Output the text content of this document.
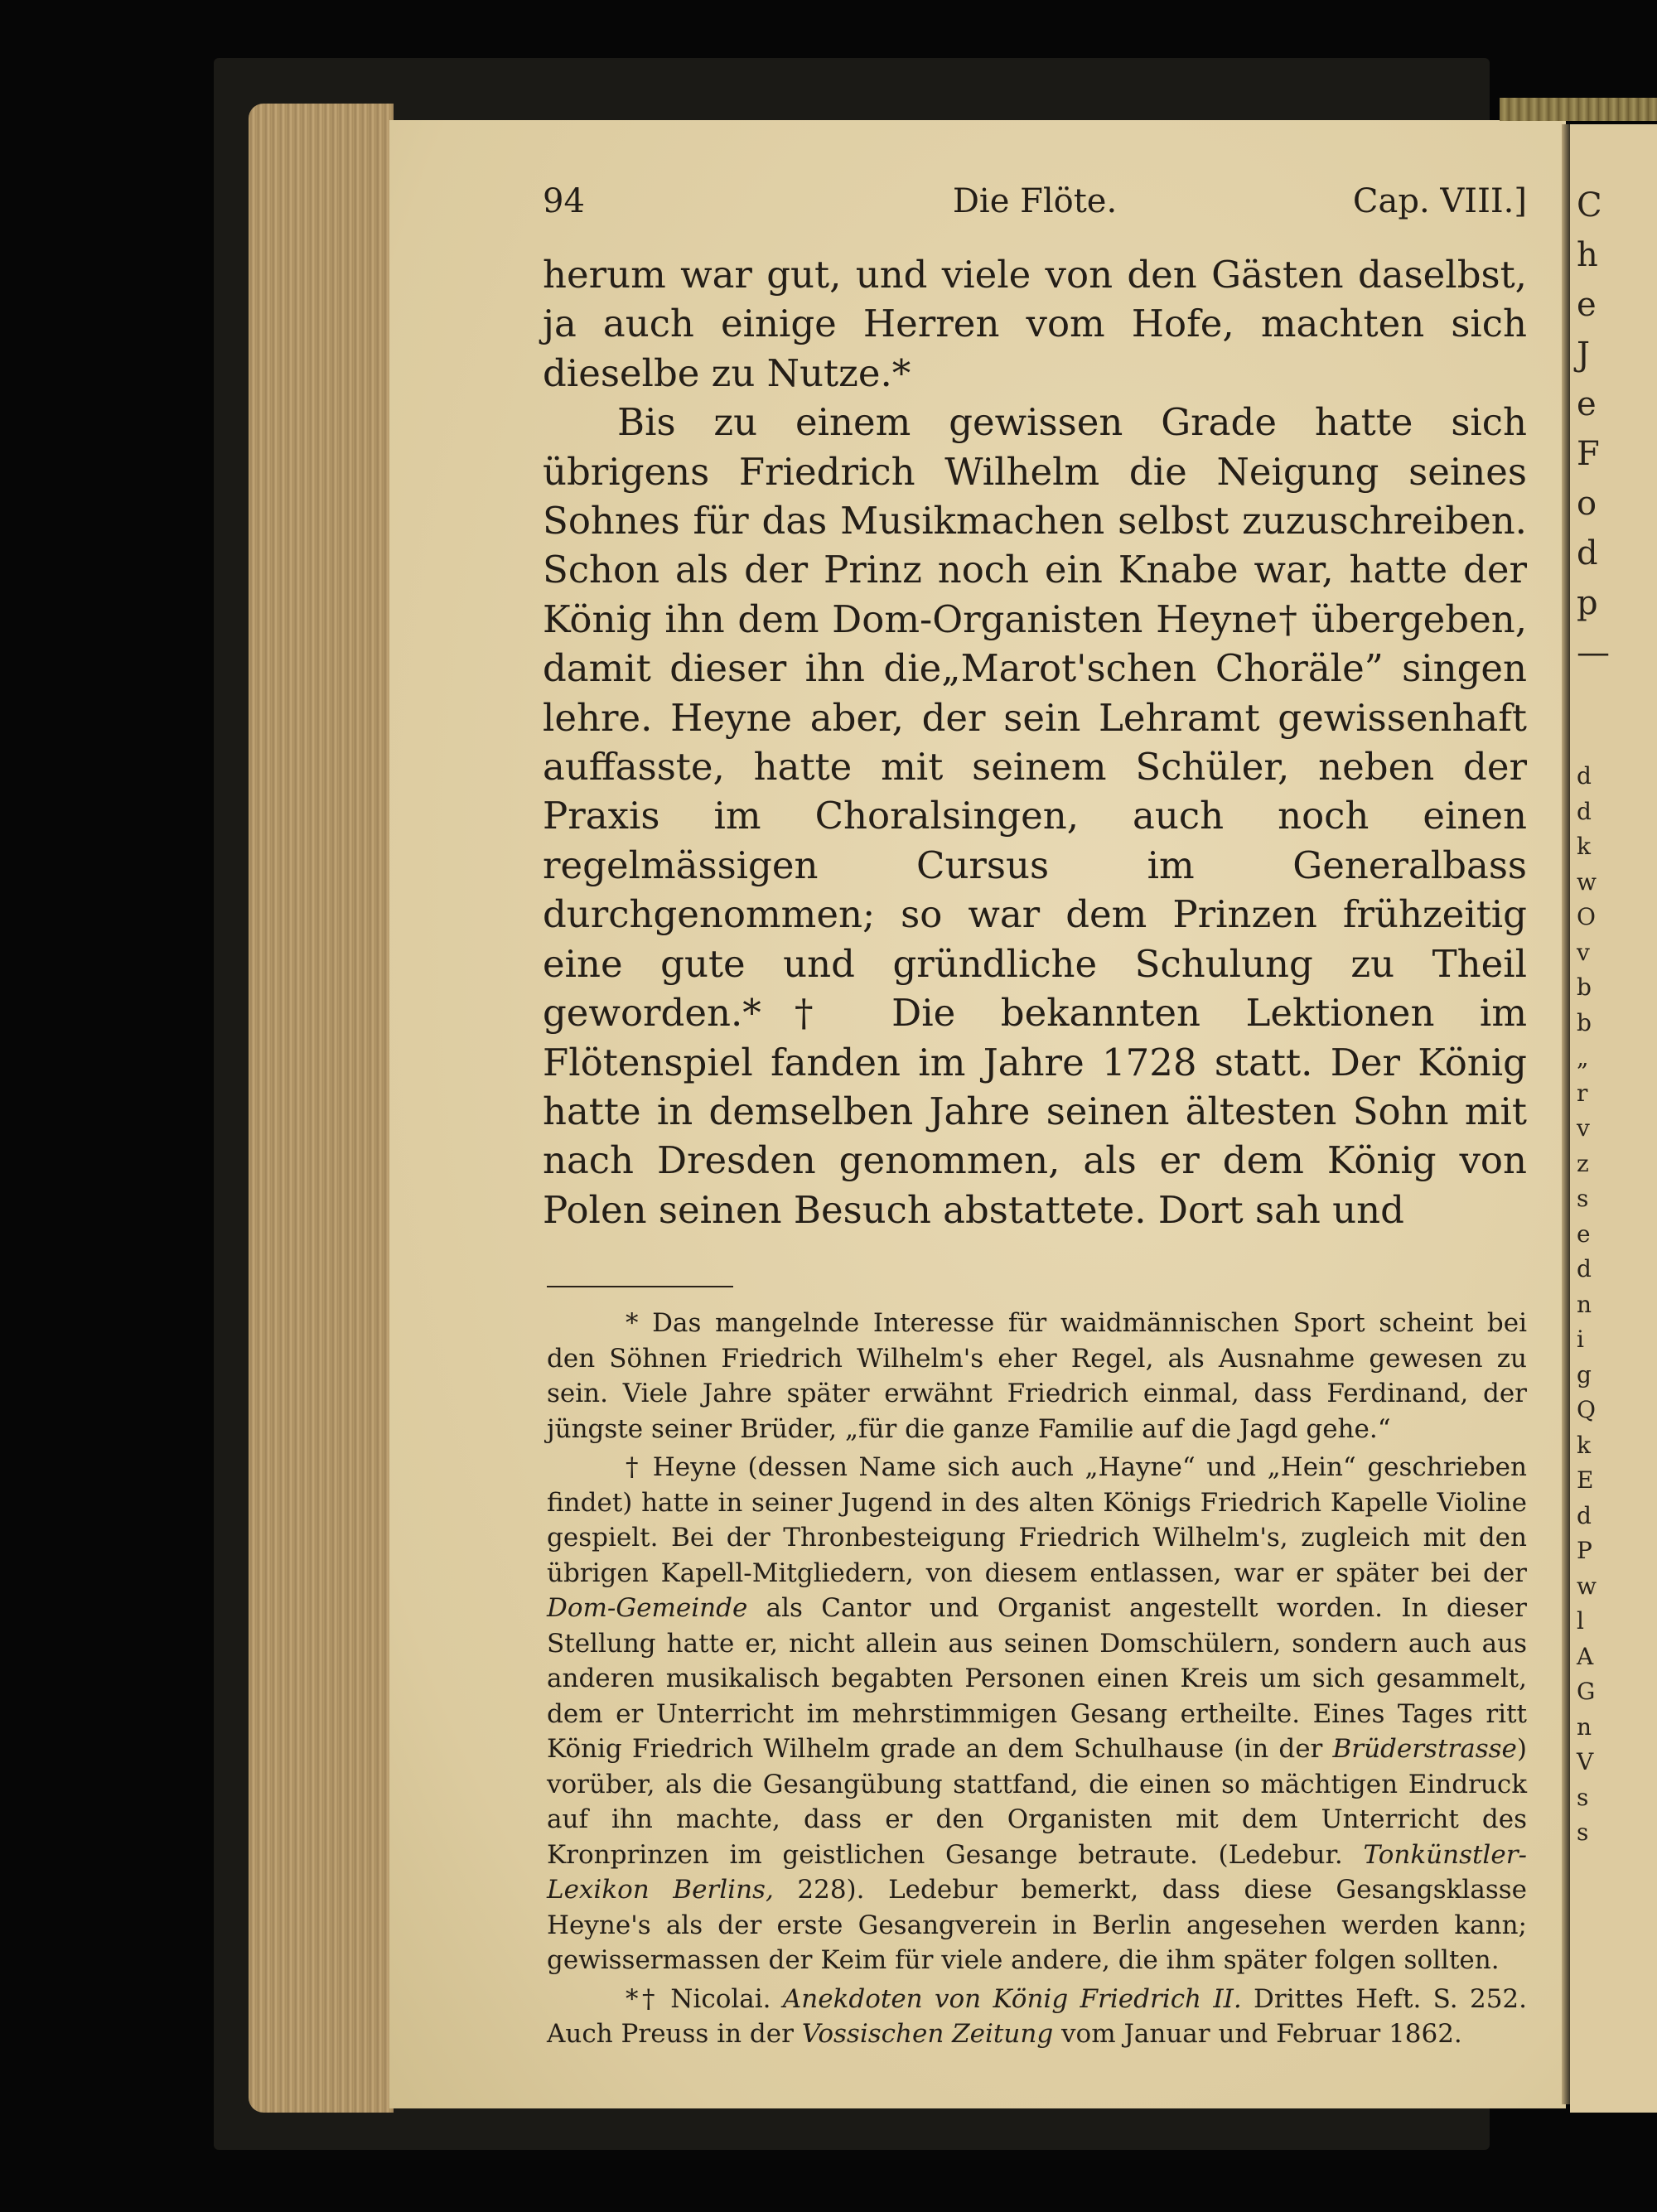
C
h
e
J
e
F
o
d
p
—
d
d
k
w
O
v
b
b
„
r
v
z
s
e
d
n
i
g
Q
k
E
d
P
w
l
A
G
n
V
s
s
94	Die Flöte.	Cap. VIII.]

herum war gut, und viele von den Gästen daselbst, ja auch einige Herren vom Hofe, machten sich dieselbe zu Nutze.*

Bis zu einem gewissen Grade hatte sich übrigens Friedrich Wilhelm die Neigung seines Sohnes für das Musikmachen selbst zuzuschreiben. Schon als der Prinz noch ein Knabe war, hatte der König ihn dem Dom-Organisten Heyne† übergeben, damit dieser ihn die„Marot'schen Choräle” singen lehre. Heyne aber, der sein Lehramt gewissenhaft auffasste, hatte mit seinem Schüler, neben der Praxis im Choralsingen, auch noch einen regelmässigen Cursus im Generalbass durchgenommen; so war dem Prinzen frühzeitig eine gute und gründliche Schulung zu Theil geworden.*† Die bekannten Lektionen im Flötenspiel fanden im Jahre 1728 statt. Der König hatte in demselben Jahre seinen ältesten Sohn mit nach Dresden genommen, als er dem König von Polen seinen Besuch abstattete. Dort sah und

* Das mangelnde Interesse für waidmännischen Sport scheint bei den Söhnen Friedrich Wilhelm's eher Regel, als Ausnahme gewesen zu sein. Viele Jahre später erwähnt Friedrich einmal, dass Ferdinand, der jüngste seiner Brüder, „für die ganze Familie auf die Jagd gehe.“

† Heyne (dessen Name sich auch „Hayne“ und „Hein“ geschrieben findet) hatte in seiner Jugend in des alten Königs Friedrich Kapelle Violine gespielt. Bei der Thronbesteigung Friedrich Wilhelm's, zugleich mit den übrigen Kapell-Mitgliedern, von diesem entlassen, war er später bei der Dom-Gemeinde als Cantor und Organist angestellt worden. In dieser Stellung hatte er, nicht allein aus seinen Domschülern, sondern auch aus anderen musikalisch begabten Personen einen Kreis um sich gesammelt, dem er Unterricht im mehrstimmigen Gesang ertheilte. Eines Tages ritt König Friedrich Wilhelm grade an dem Schulhause (in der Brüderstrasse) vorüber, als die Gesangübung stattfand, die einen so mächtigen Eindruck auf ihn machte, dass er den Organisten mit dem Unterricht des Kronprinzen im geistlichen Gesange betraute. (Ledebur. Tonkünstler-Lexikon Berlins, 228). Ledebur bemerkt, dass diese Gesangsklasse Heyne's als der erste Gesangverein in Berlin angesehen werden kann; gewissermassen der Keim für viele andere, die ihm später folgen sollten.

*† Nicolai. Anekdoten von König Friedrich II. Drittes Heft. S. 252. Auch Preuss in der Vossischen Zeitung vom Januar und Februar 1862.
